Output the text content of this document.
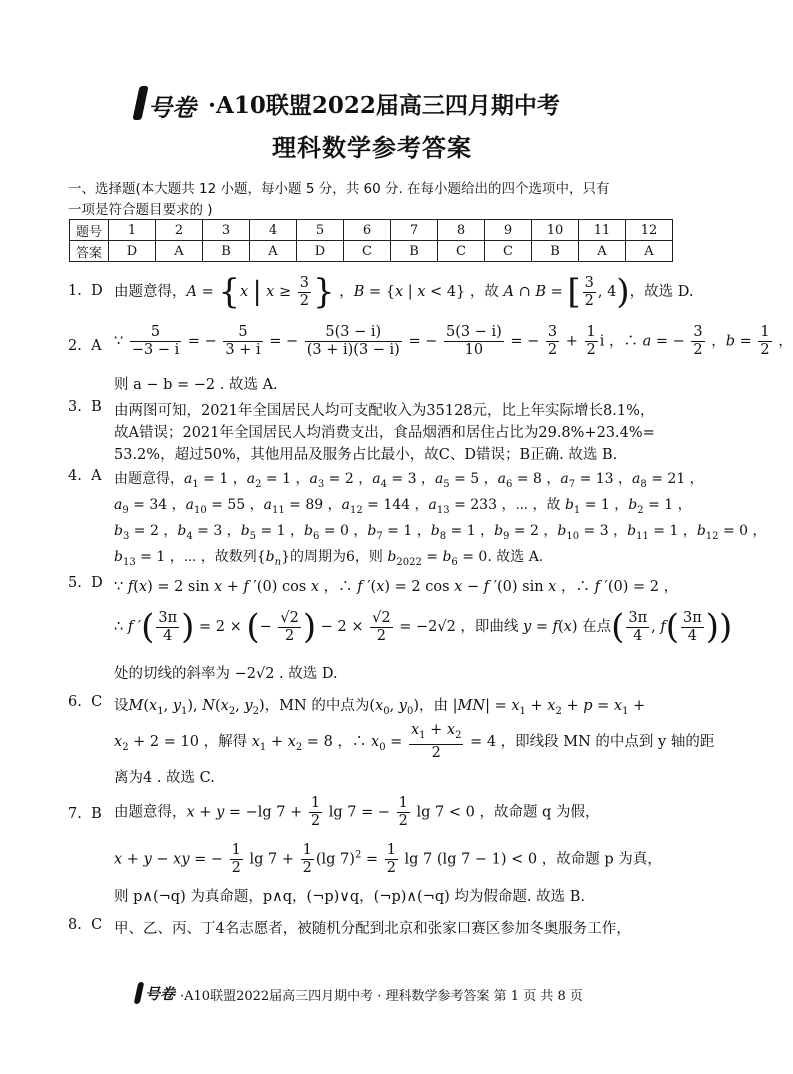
号卷 ·A10联盟2022届高三四月期中考
理科数学参考答案
一、选择题(本大题共 12 小题，每小题 5 分，共 60 分. 在每小题给出的四个选项中，只有
一项是符合题目要求的 )
题号	1	2	3	4	5	6	7	8	9	10	11	12
答案	D	A	B	A	D	C	B	C	C	B	A	A
1. D 由题意得，A = {x | $x \ge \frac{3}{2}$ } ，B = {x | x < 4} ，故 A ∩ B = [ $\frac{3}{2}$ , 4)，故选 D.
2. A ∵ $\frac{5}{-3 - i}$ = − $\frac{5}{3 + i}$ = − $\frac{5(3 - i)}{(3 + i)(3 - i)}$ = − $\frac{5(3 - i)}{10}$ = − $\frac{3}{2} + \frac{1}{2}$ i ，∴ a = − $\frac{3}{2}$ ，$b = \frac{1}{2}$ ，
则 a − b = −2 . 故选 A.
3. B 由两图可知，2021年全国居民人均可支配收入为35128元，比上年实际增长8.1%，
故A错误；2021年全国居民人均消费支出，食品烟酒和居住占比为29.8%+23.4%=
53.2%，超过50%，其他用品及服务占比最小，故C、D错误；B正确. 故选 B.
4. A 由题意得，$a_1 = 1$ ，$a_2 = 1$ ，$a_3 = 2$ ，$a_4 = 3$ ，$a_5 = 5$ ，$a_6 = 8$ ，$a_7 = 13$ ，$a_8 = 21$ ，
$a_9 = 34$ ，$a_{10} = 55$ ，$a_{11} = 89$ ，$a_{12} = 144$ ，$a_{13} = 233$ ，⋯ ，故 $b_1 = 1$ ，$b_2 = 1$ ，
$b_3 = 2$ ，$b_4 = 3$ ，$b_5 = 1$ ，$b_6 = 0$ ，$b_7 = 1$ ，$b_8 = 1$ ，$b_9 = 2$ ，$b_{10} = 3$ ，$b_{11} = 1$ ，$b_{12} = 0$ ，
$b_{13} = 1$ ，⋯ ，故数列$\{b_n\}$的周期为6，则 $b_{2022} = b_6 = 0$. 故选 A.
5. D ∵ f(x) = 2 sin x + f ′(0) cos x ，∴ f ′(x) = 2 cos x − f ′(0) sin x ，∴ f ′(0) = 2 ，
∴ f ′( $\frac{3\pi}{4}$ ) = 2 × (− $\frac{√2}{2}$ ) − $2 \times \frac{√2}{2} = -2√2$ ，即曲线 y = f(x) 在点( $\frac{3\pi}{4}$ , $f( \frac{3\pi}{4}$ ))
处的切线的斜率为 −2√2 . 故选 D.
6. C 设$M(x_1$, $y_1$), $N(x_2$, $y_2$)，MN 的中点为($x_0$, $y_0$)，由 $|MN| = x_1 + x_2 + p = x_1$ +
$x_2 + 2 = 10$ ，解得 $x_1 + x_2 = 8$ ，∴ $x_0 = \frac{x_1 + x_2}{2} = 4$ ，即线段 MN 的中点到 y 轴的距
离为4 . 故选 C.
7. B 由题意得，x + y = −lg $7 + \frac{1}{2}$ lg 7 = − $\frac{1}{2}$ lg 7 < 0 ，故命题 q 为假，
x + y − xy = − $\frac{1}{2}$ $\lg 7 + \frac{1}{2} (\lg$ $7)^2 = \frac{1}{2}$ lg 7 (lg 7 − 1) < 0 ，故命题 p 为真，
则 p∧(¬q) 为真命题，p∧q，(¬p)∨q，(¬p)∧(¬q) 均为假命题. 故选 B.
8. C 甲、乙、丙、丁4名志愿者，被随机分配到北京和张家口赛区参加冬奥服务工作，
号卷 ·A10联盟2022届高三四月期中考 · 理科数学参考答案 第 1 页 共 8 页
